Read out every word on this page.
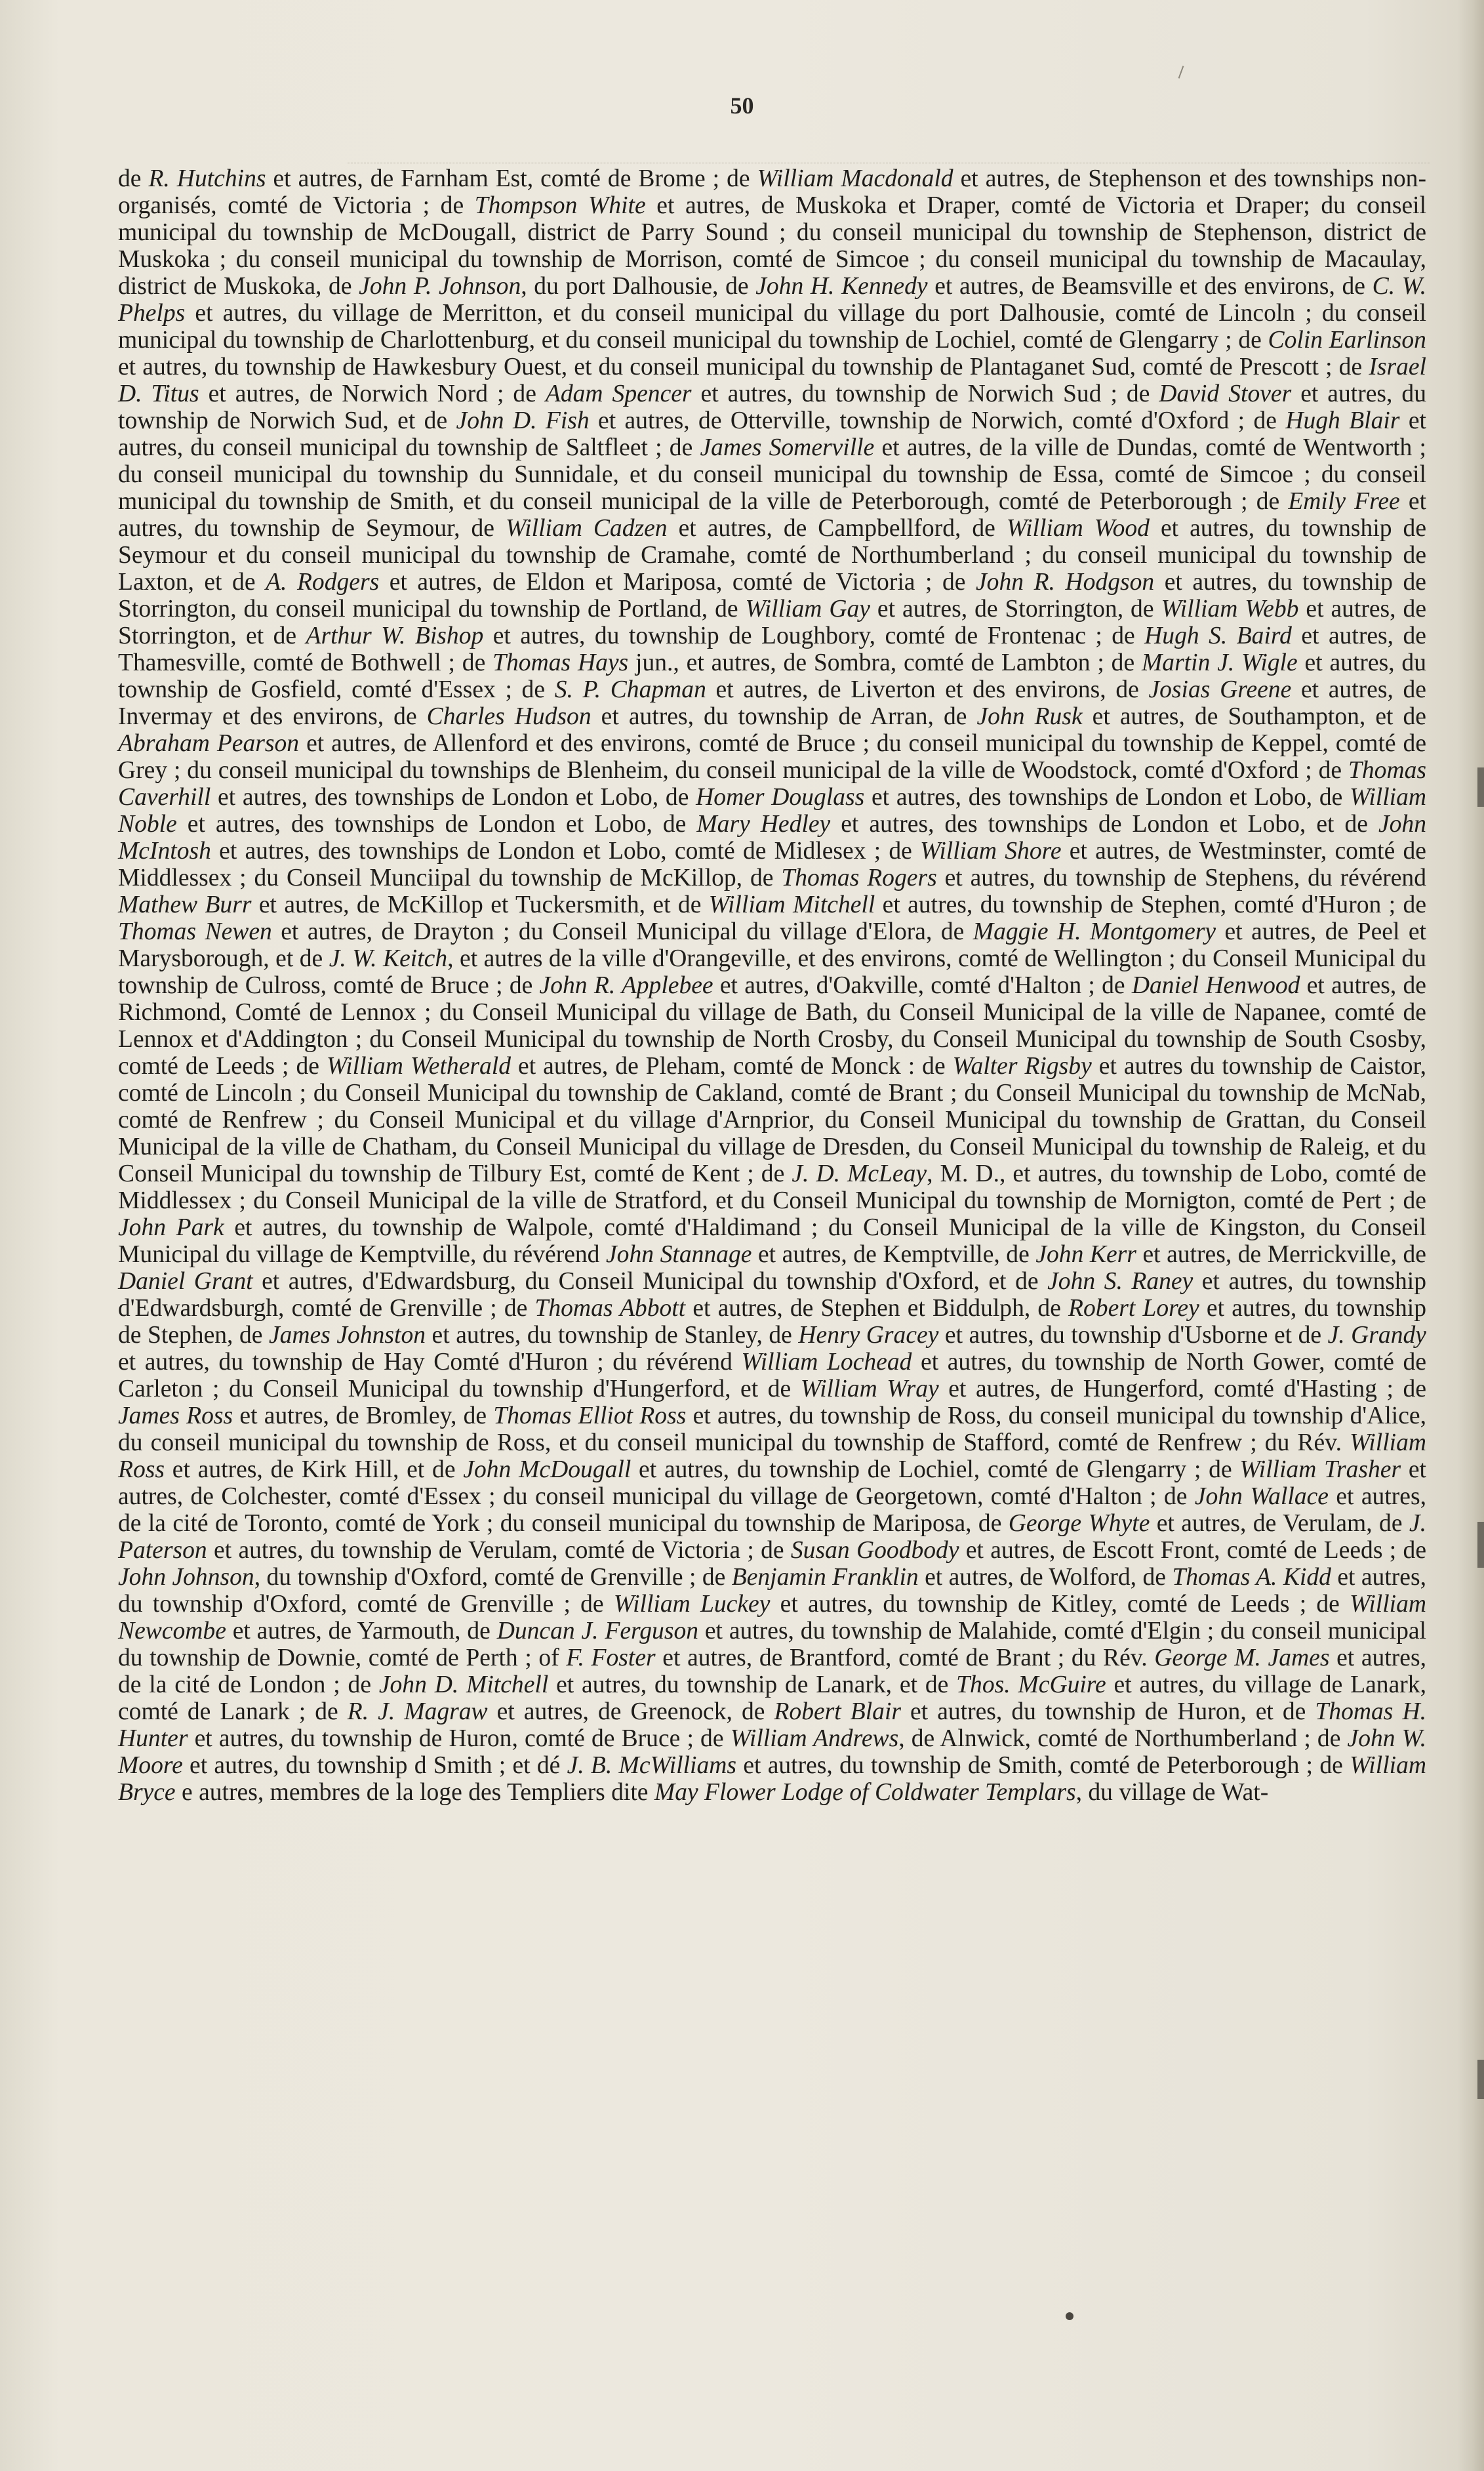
50

de R. Hutchins et autres, de Farnham Est, comté de Brome ; de William Macdonald et autres, de Stephenson et des townships non-organisés, comté de Victoria ; de Thompson White et autres, de Muskoka et Draper, comté de Victoria et Draper; du conseil municipal du township de McDougall, district de Parry Sound ; du conseil municipal du township de Stephenson, district de Muskoka ; du conseil municipal du township de Morrison, comté de Simcoe ; du conseil municipal du township de Macaulay, district de Muskoka, de John P. Johnson, du port Dalhousie, de John H. Kennedy et autres, de Beamsville et des environs, de C. W. Phelps et autres, du village de Merritton, et du conseil municipal du village du port Dalhousie, comté de Lincoln ; du conseil municipal du township de Charlottenburg, et du conseil municipal du township de Lochiel, comté de Glengarry ; de Colin Earlinson et autres, du township de Hawkesbury Ouest, et du conseil municipal du township de Plantaganet Sud, comté de Prescott ; de Israel D. Titus et autres, de Norwich Nord ; de Adam Spencer et autres, du township de Norwich Sud ; de David Stover et autres, du township de Norwich Sud, et de John D. Fish et autres, de Otterville, township de Norwich, comté d'Oxford ; de Hugh Blair et autres, du conseil municipal du township de Saltfleet ; de James Somerville et autres, de la ville de Dundas, comté de Wentworth ; du conseil municipal du township du Sunnidale, et du conseil municipal du township de Essa, comté de Simcoe ; du conseil municipal du township de Smith, et du conseil municipal de la ville de Peterborough, comté de Peterborough ; de Emily Free et autres, du township de Seymour, de William Cadzen et autres, de Campbellford, de William Wood et autres, du township de Seymour et du conseil municipal du township de Cramahe, comté de Northumberland ; du conseil municipal du township de Laxton, et de A. Rodgers et autres, de Eldon et Mariposa, comté de Victoria ; de John R. Hodgson et autres, du township de Storrington, du conseil municipal du township de Portland, de William Gay et autres, de Storrington, de William Webb et autres, de Storrington, et de Arthur W. Bishop et autres, du township de Loughbory, comté de Frontenac ; de Hugh S. Baird et autres, de Thamesville, comté de Bothwell ; de Thomas Hays jun., et autres, de Sombra, comté de Lambton ; de Martin J. Wigle et autres, du township de Gosfield, comté d'Essex ; de S. P. Chapman et autres, de Liverton et des environs, de Josias Greene et autres, de Invermay et des environs, de Charles Hudson et autres, du township de Arran, de John Rusk et autres, de Southampton, et de Abraham Pearson et autres, de Allenford et des environs, comté de Bruce ; du conseil municipal du township de Keppel, comté de Grey ; du conseil municipal du townships de Blenheim, du conseil municipal de la ville de Woodstock, comté d'Oxford ; de Thomas Caverhill et autres, des townships de London et Lobo, de Homer Douglass et autres, des townships de London et Lobo, de William Noble et autres, des townships de London et Lobo, de Mary Hedley et autres, des townships de London et Lobo, et de John McIntosh et autres, des townships de London et Lobo, comté de Midlesex ; de William Shore et autres, de Westminster, comté de Middlessex ; du Conseil Munciipal du township de McKillop, de Thomas Rogers et autres, du township de Stephens, du révérend Mathew Burr et autres, de McKillop et Tuckersmith, et de William Mitchell et autres, du township de Stephen, comté d'Huron ; de Thomas Newen et autres, de Drayton ; du Conseil Municipal du village d'Elora, de Maggie H. Montgomery et autres, de Peel et Marysborough, et de J. W. Keitch, et autres de la ville d'Orangeville, et des environs, comté de Wellington ; du Conseil Municipal du township de Culross, comté de Bruce ; de John R. Applebee et autres, d'Oakville, comté d'Halton ; de Daniel Henwood et autres, de Richmond, Comté de Lennox ; du Conseil Municipal du village de Bath, du Conseil Municipal de la ville de Napanee, comté de Lennox et d'Addington ; du Conseil Municipal du township de North Crosby, du Conseil Municipal du township de South Csosby, comté de Leeds ; de William Wetherald et autres, de Pleham, comté de Monck : de Walter Rigsby et autres du township de Caistor, comté de Lincoln ; du Conseil Municipal du township de Cakland, comté de Brant ; du Conseil Municipal du township de McNab, comté de Renfrew ; du Conseil Municipal et du village d'Arnprior, du Conseil Municipal du township de Grattan, du Conseil Municipal de la ville de Chatham, du Conseil Municipal du village de Dresden, du Conseil Municipal du township de Raleig, et du Conseil Municipal du township de Tilbury Est, comté de Kent ; de J. D. McLeay, M. D., et autres, du township de Lobo, comté de Middlessex ; du Conseil Municipal de la ville de Stratford, et du Conseil Municipal du township de Mornigton, comté de Pert ; de John Park et autres, du township de Walpole, comté d'Haldimand ; du Conseil Municipal de la ville de Kingston, du Conseil Municipal du village de Kemptville, du révérend John Stannage et autres, de Kemptville, de John Kerr et autres, de Merrickville, de Daniel Grant et autres, d'Edwardsburg, du Conseil Municipal du township d'Oxford, et de John S. Raney et autres, du township d'Edwardsburgh, comté de Grenville ; de Thomas Abbott et autres, de Stephen et Biddulph, de Robert Lorey et autres, du township de Stephen, de James Johnston et autres, du township de Stanley, de Henry Gracey et autres, du township d'Usborne et de J. Grandy et autres, du township de Hay Comté d'Huron ; du révérend William Lochead et autres, du township de North Gower, comté de Carleton ; du Conseil Municipal du township d'Hungerford, et de William Wray et autres, de Hungerford, comté d'Hasting ; de James Ross et autres, de Bromley, de Thomas Elliot Ross et autres, du township de Ross, du conseil municipal du township d'Alice, du conseil municipal du township de Ross, et du conseil municipal du township de Stafford, comté de Renfrew ; du Rév. William Ross et autres, de Kirk Hill, et de John McDougall et autres, du township de Lochiel, comté de Glengarry ; de William Trasher et autres, de Colchester, comté d'Essex ; du conseil municipal du village de Georgetown, comté d'Halton ; de John Wallace et autres, de la cité de Toronto, comté de York ; du conseil municipal du township de Mariposa, de George Whyte et autres, de Verulam, de J. Paterson et autres, du township de Verulam, comté de Victoria ; de Susan Goodbody et autres, de Escott Front, comté de Leeds ; de John Johnson, du township d'Oxford, comté de Grenville ; de Benjamin Franklin et autres, de Wolford, de Thomas A. Kidd et autres, du township d'Oxford, comté de Grenville ; de William Luckey et autres, du township de Kitley, comté de Leeds ; de William Newcombe et autres, de Yarmouth, de Duncan J. Ferguson et autres, du township de Malahide, comté d'Elgin ; du conseil municipal du township de Downie, comté de Perth ; of F. Foster et autres, de Brantford, comté de Brant ; du Rév. George M. James et autres, de la cité de London ; de John D. Mitchell et autres, du township de Lanark, et de Thos. McGuire et autres, du village de Lanark, comté de Lanark ; de R. J. Magraw et autres, de Greenock, de Robert Blair et autres, du township de Huron, et de Thomas H. Hunter et autres, du township de Huron, comté de Bruce ; de William Andrews, de Alnwick, comté de Northumberland ; de John W. Moore et autres, du township d Smith ; et dé J. B. McWilliams et autres, du township de Smith, comté de Peterborough ; de William Bryce e autres, membres de la loge des Templiers dite May Flower Lodge of Coldwater Templars, du village de Wat-
